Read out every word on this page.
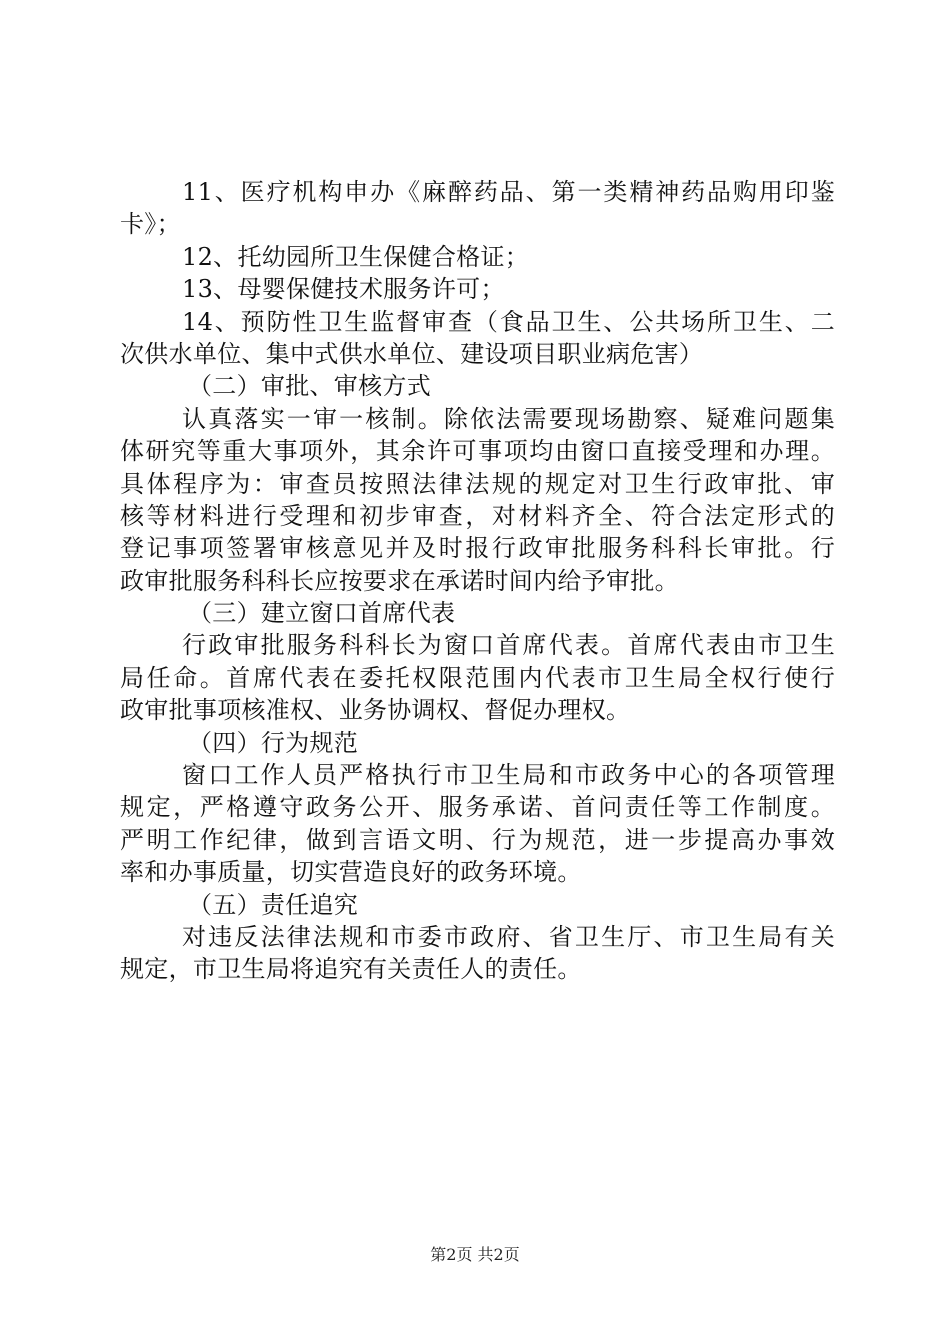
11、医疗机构申办《麻醉药品、第一类精神药品购用印鉴
卡》；
12、托幼园所卫生保健合格证；
13、母婴保健技术服务许可；
14、预防性卫生监督审查（食品卫生、公共场所卫生、二
次供水单位、集中式供水单位、建设项目职业病危害）
（二）审批、审核方式
认真落实一审一核制。除依法需要现场勘察、疑难问题集
体研究等重大事项外，其余许可事项均由窗口直接受理和办理。
具体程序为：审查员按照法律法规的规定对卫生行政审批、审
核等材料进行受理和初步审查，对材料齐全、符合法定形式的
登记事项签署审核意见并及时报行政审批服务科科长审批。行
政审批服务科科长应按要求在承诺时间内给予审批。
（三）建立窗口首席代表
行政审批服务科科长为窗口首席代表。首席代表由市卫生
局任命。首席代表在委托权限范围内代表市卫生局全权行使行
政审批事项核准权、业务协调权、督促办理权。
（四）行为规范
窗口工作人员严格执行市卫生局和市政务中心的各项管理
规定，严格遵守政务公开、服务承诺、首问责任等工作制度。
严明工作纪律，做到言语文明、行为规范，进一步提高办事效
率和办事质量，切实营造良好的政务环境。
（五）责任追究
对违反法律法规和市委市政府、省卫生厅、市卫生局有关
规定，市卫生局将追究有关责任人的责任。
第2页 共2页
